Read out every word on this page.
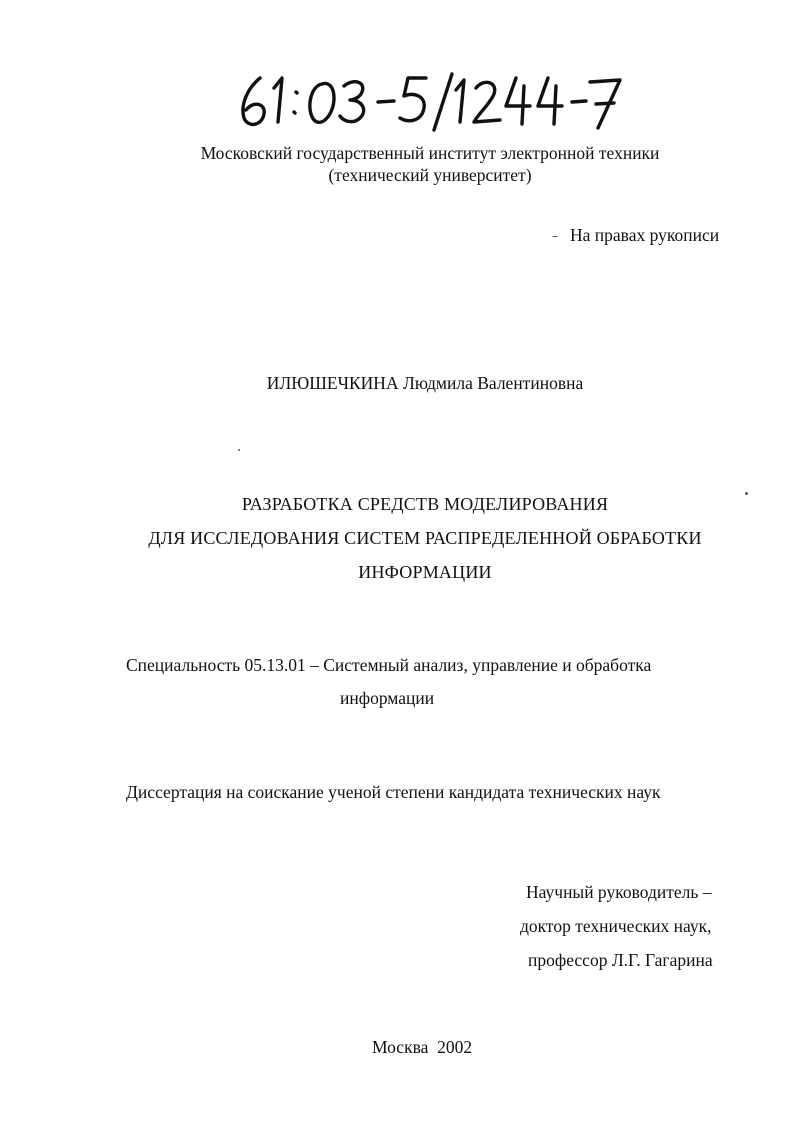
Московский государственный институт электронной техники
(технический университет)
На правах рукописи
ИЛЮШЕЧКИНА Людмила Валентиновна
РАЗРАБОТКА СРЕДСТВ МОДЕЛИРОВАНИЯ
ДЛЯ ИССЛЕДОВАНИЯ СИСТЕМ РАСПРЕДЕЛЕННОЙ ОБРАБОТКИ
ИНФОРМАЦИИ
Специальность 05.13.01 – Системный анализ, управление и обработка
информации
Диссертация на соискание ученой степени кандидата технических наук
Научный руководитель –
доктор технических наук,
профессор Л.Г. Гагарина
Москва  2002
